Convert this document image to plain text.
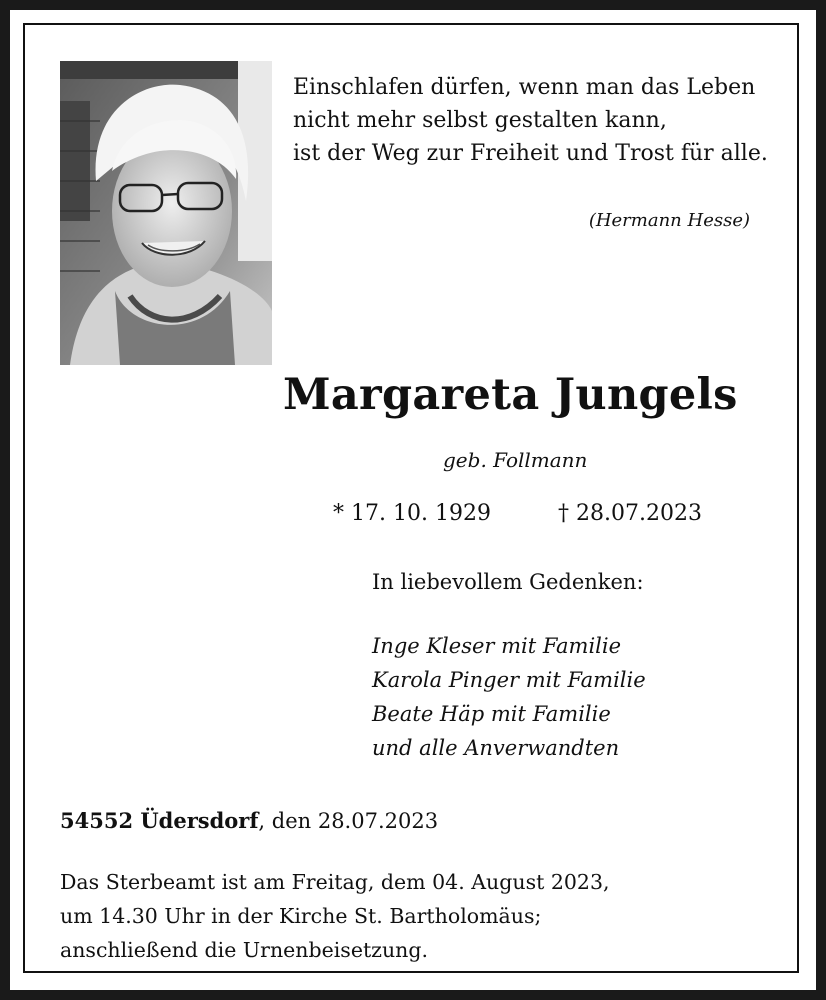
Einschlafen dürfen, wenn man das Leben
nicht mehr selbst gestalten kann,
ist der Weg zur Freiheit und Trost für alle.
(Hermann Hesse)
Margareta Jungels
geb. Follmann
* 17. 10. 1929	† 28.07.2023
In liebevollem Gedenken:
Inge Kleser mit Familie
Karola Pinger mit Familie
Beate Häp mit Familie
und alle Anverwandten
54552 Üdersdorf, den 28.07.2023
Das Sterbeamt ist am Freitag, dem 04. August 2023,
um 14.30 Uhr in der Kirche St. Bartholomäus;
anschließend die Urnenbeisetzung.
